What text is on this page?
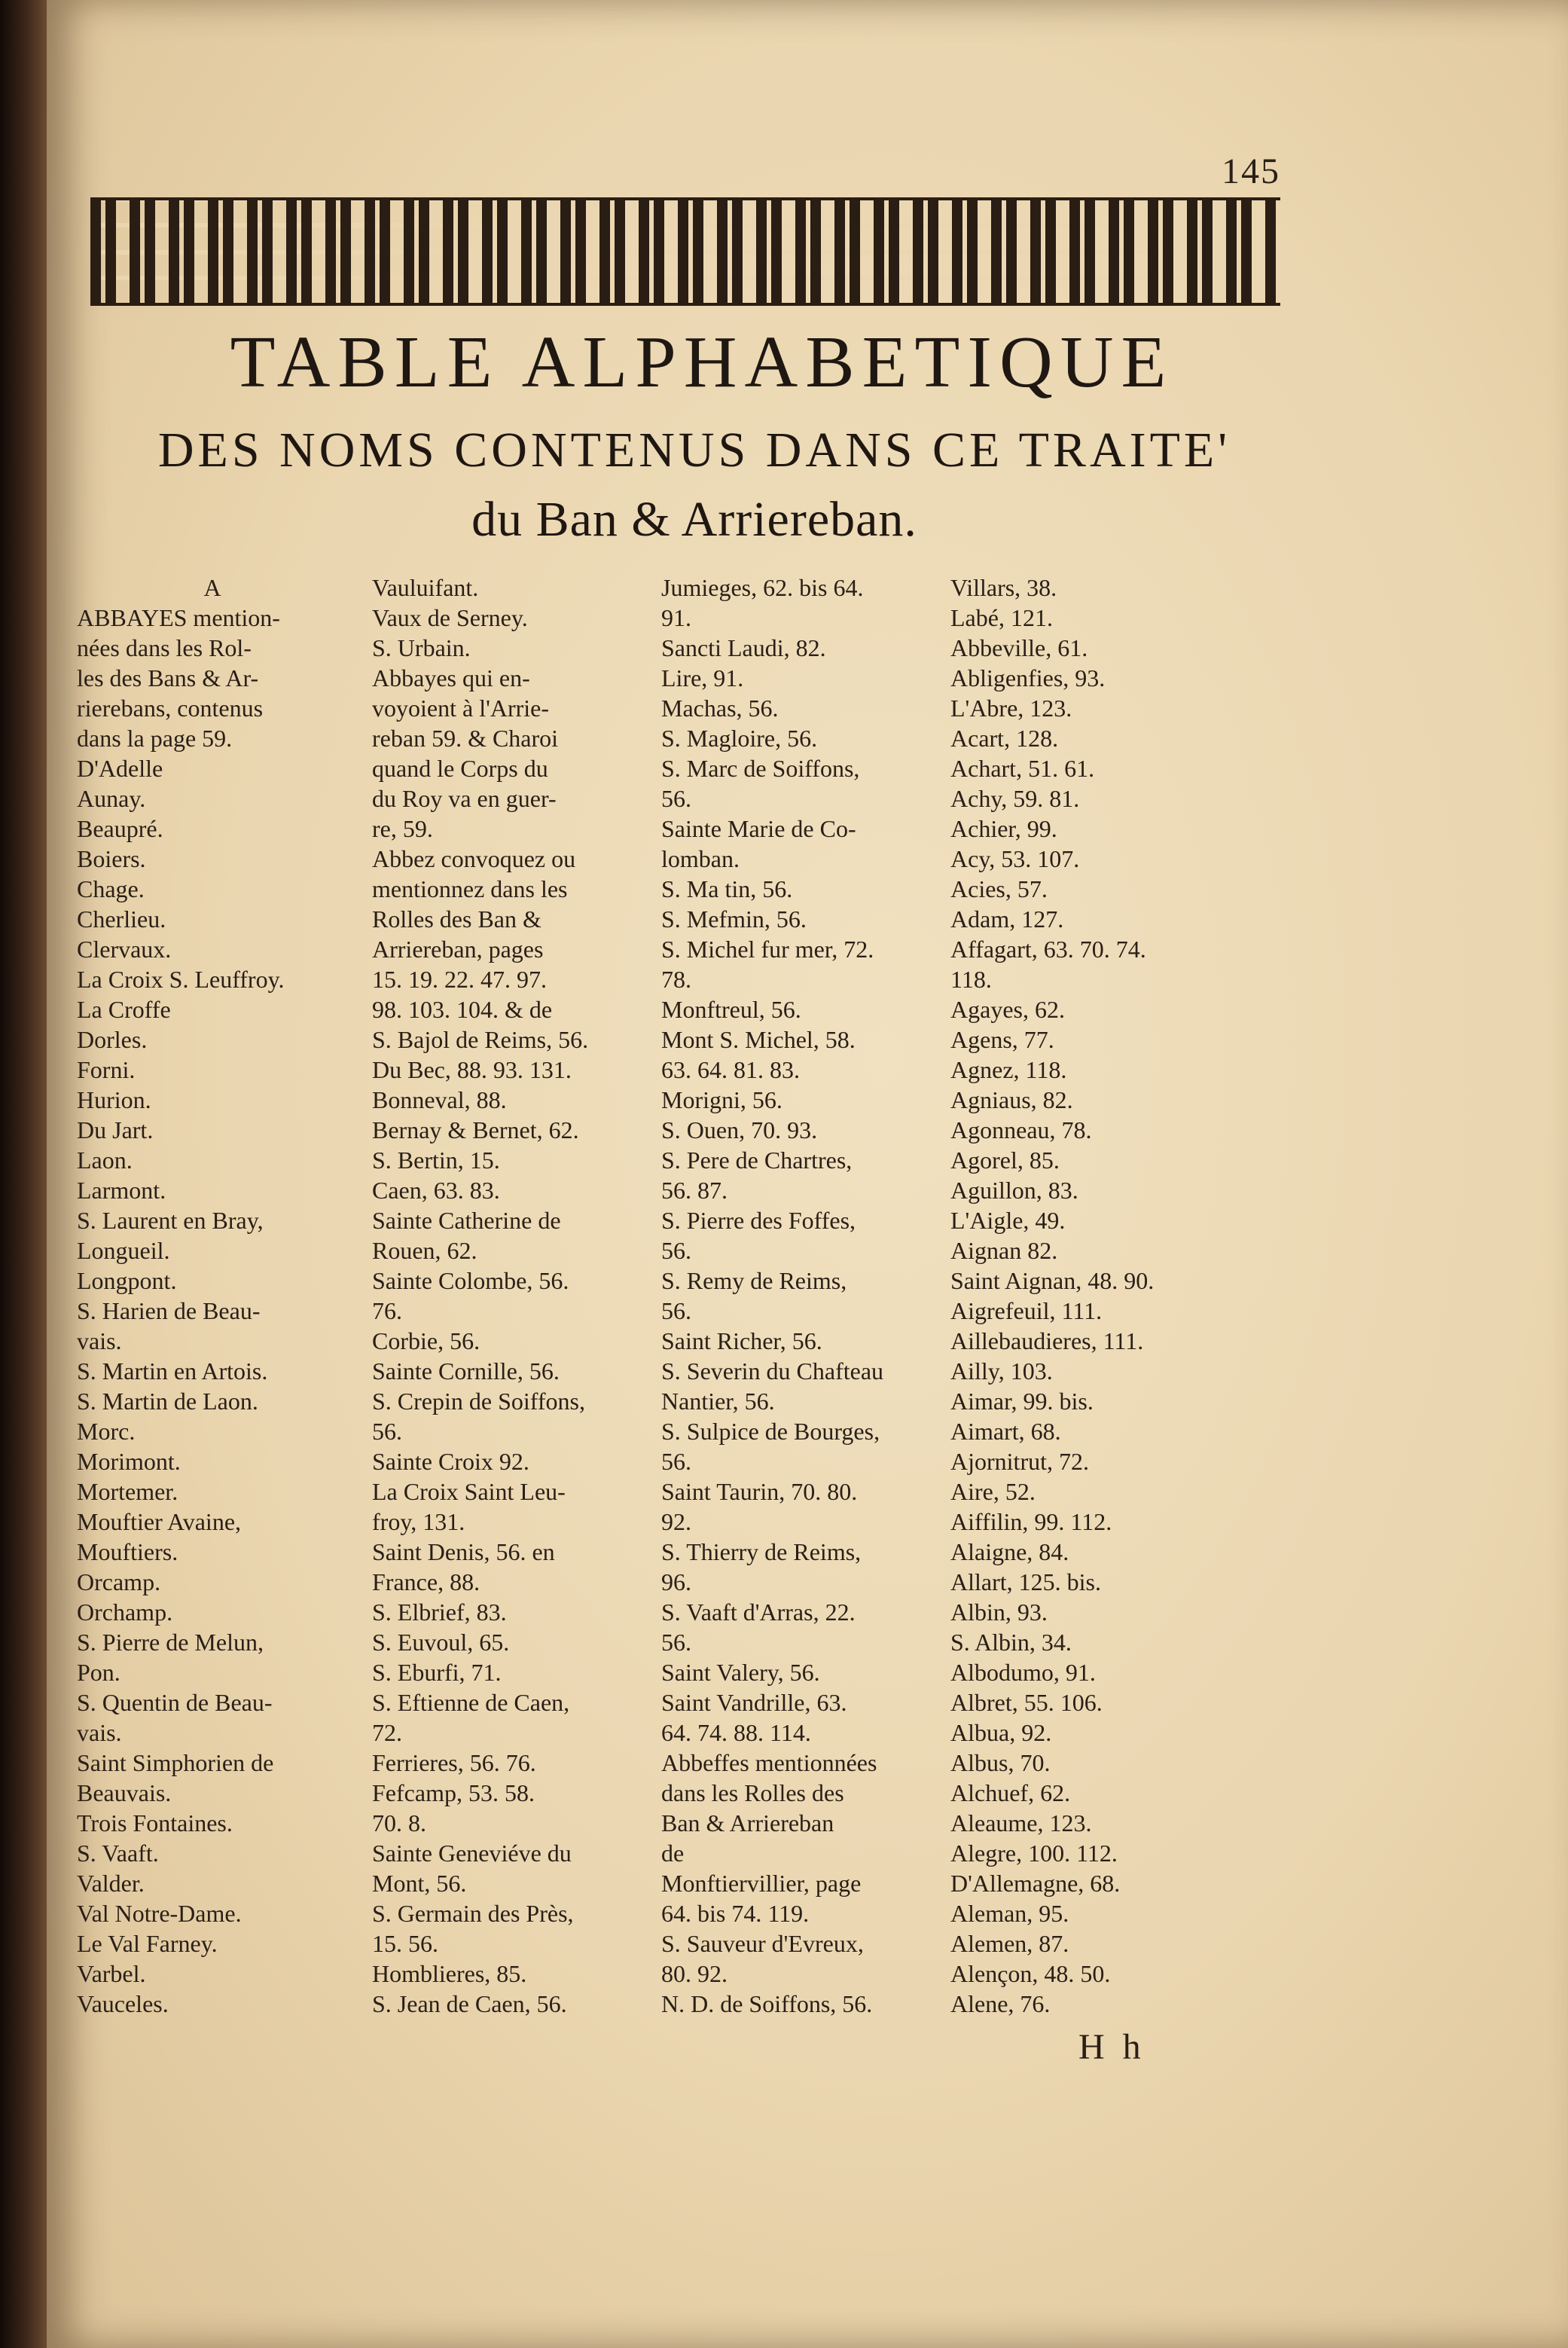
145
TABLE ALPHABETIQUE
DES NOMS CONTENUS DANS CE TRAITE'
du Ban & Arriereban.
A
ABBAYES mention-
nées dans les Rol-
les des Bans & Ar-
rierebans, contenus
dans la page 59.
D'Adelle
Aunay.
Beaupré.
Boiers.
Chage.
Cherlieu.
Clervaux.
La Croix S. Leuffroy.
La Croffe
Dorles.
Forni.
Hurion.
Du Jart.
Laon.
Larmont.
S. Laurent en Bray,
Longueil.
Longpont.
S. Harien de Beau-
vais.
S. Martin en Artois.
S. Martin de Laon.
Morc.
Morimont.
Mortemer.
Mouftier Avaine,
Mouftiers.
Orcamp.
Orchamp.
S. Pierre de Melun,
Pon.
S. Quentin de Beau-
vais.
Saint Simphorien de
Beauvais.
Trois Fontaines.
S. Vaaft.
Valder.
Val Notre-Dame.
Le Val Farney.
Varbel.
Vauceles.
Vauluifant.
Vaux de Serney.
S. Urbain.
Abbayes qui en-
voyoient à l'Arrie-
reban 59. & Charoi
quand le Corps du
du Roy va en guer-
re, 59.
Abbez convoquez ou
mentionnez dans les
Rolles des Ban &
Arriereban, pages
15. 19. 22. 47. 97.
98. 103. 104. & de
S. Bajol de Reims, 56.
Du Bec, 88. 93. 131.
Bonneval, 88.
Bernay & Bernet, 62.
S. Bertin, 15.
Caen, 63. 83.
Sainte Catherine de
Rouen, 62.
Sainte Colombe, 56.
76.
Corbie, 56.
Sainte Cornille, 56.
S. Crepin de Soiffons,
56.
Sainte Croix 92.
La Croix Saint Leu-
froy, 131.
Saint Denis, 56. en
France, 88.
S. Elbrief, 83.
S. Euvoul, 65.
S. Eburfi, 71.
S. Eftienne de Caen,
72.
Ferrieres, 56. 76.
Fefcamp, 53. 58.
70. 8.
Sainte Geneviéve du
Mont, 56.
S. Germain des Près,
15. 56.
Homblieres, 85.
S. Jean de Caen, 56.
Jumieges, 62. bis 64.
91.
Sancti Laudi, 82.
Lire, 91.
Machas, 56.
S. Magloire, 56.
S. Marc de Soiffons,
56.
Sainte Marie de Co-
lomban.
S. Ma tin, 56.
S. Mefmin, 56.
S. Michel fur mer, 72.
78.
Monftreul, 56.
Mont S. Michel, 58.
63. 64. 81. 83.
Morigni, 56.
S. Ouen, 70. 93.
S. Pere de Chartres,
56. 87.
S. Pierre des Foffes,
56.
S. Remy de Reims,
56.
Saint Richer, 56.
S. Severin du Chafteau
Nantier, 56.
S. Sulpice de Bourges,
56.
Saint Taurin, 70. 80.
92.
S. Thierry de Reims,
96.
S. Vaaft d'Arras, 22.
56.
Saint Valery, 56.
Saint Vandrille, 63.
64. 74. 88. 114.
Abbeffes mentionnées
dans les Rolles des
Ban & Arriereban
de
Monftiervillier, page
64. bis 74. 119.
S. Sauveur d'Evreux,
80. 92.
N. D. de Soiffons, 56.
Villars, 38.
Labé, 121.
Abbeville, 61.
Abligenfies, 93.
L'Abre, 123.
Acart, 128.
Achart, 51. 61.
Achy, 59. 81.
Achier, 99.
Acy, 53. 107.
Acies, 57.
Adam, 127.
Affagart, 63. 70. 74.
118.
Agayes, 62.
Agens, 77.
Agnez, 118.
Agniaus, 82.
Agonneau, 78.
Agorel, 85.
Aguillon, 83.
L'Aigle, 49.
Aignan 82.
Saint Aignan, 48. 90.
Aigrefeuil, 111.
Aillebaudieres, 111.
Ailly, 103.
Aimar, 99. bis.
Aimart, 68.
Ajornitrut, 72.
Aire, 52.
Aiffilin, 99. 112.
Alaigne, 84.
Allart, 125. bis.
Albin, 93.
S. Albin, 34.
Albodumo, 91.
Albret, 55. 106.
Albua, 92.
Albus, 70.
Alchuef, 62.
Aleaume, 123.
Alegre, 100. 112.
D'Allemagne, 68.
Aleman, 95.
Alemen, 87.
Alençon, 48. 50.
Alene, 76.
H h
